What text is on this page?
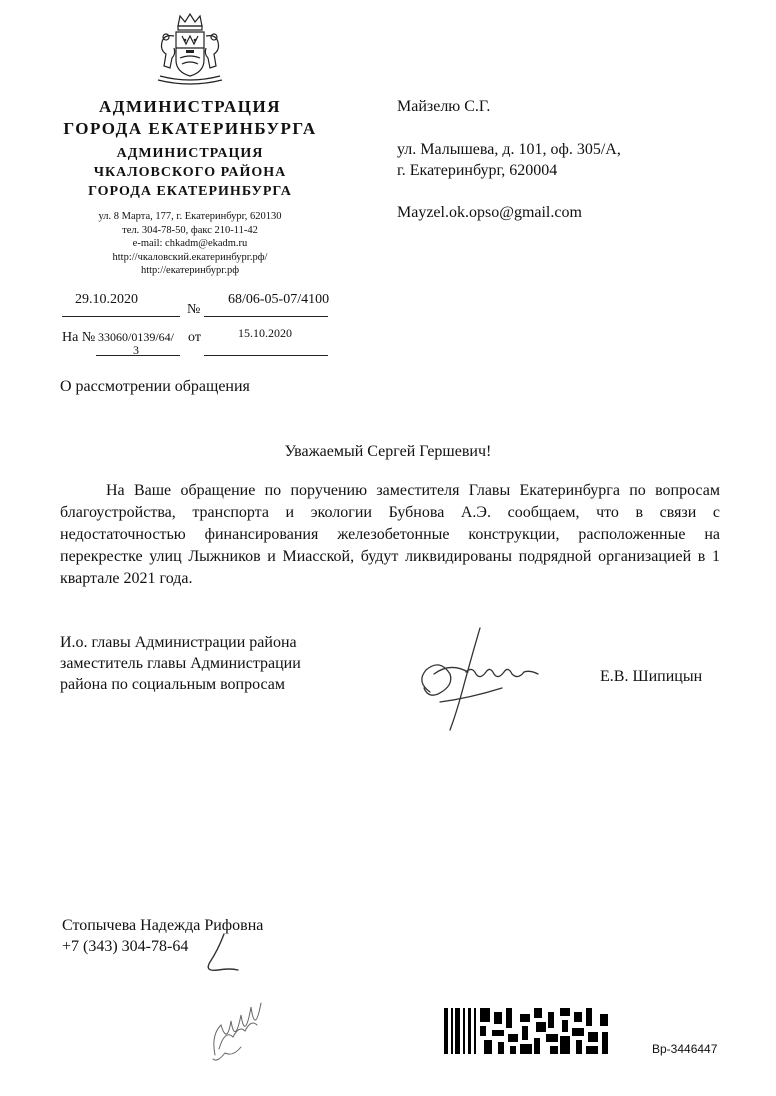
АДМИНИСТРАЦИЯ
ГОРОДА ЕКАТЕРИНБУРГА
АДМИНИСТРАЦИЯ
ЧКАЛОВСКОГО РАЙОНА
ГОРОДА ЕКАТЕРИНБУРГА
ул. 8 Марта, 177, г. Екатеринбург, 620130
тел. 304-78-50, факс 210-11-42
e-mail: chkadm@ekadm.ru
http://чкаловский.екатеринбург.рф/
http://екатеринбург.рф
29.10.2020
№
68/06-05-07/4100
На № 33060/0139/64/
3
от	15.10.2020
Майзелю С.Г.
ул. Малышева, д. 101, оф. 305/А,
г. Екатеринбург, 620004
Mayzel.ok.opso@gmail.com
О рассмотрении обращения
Уважаемый Сергей Гершевич!
На Ваше обращение по поручению заместителя Главы Екатеринбурга по вопросам благоустройства, транспорта и экологии Бубнова А.Э. сообщаем, что в связи с недостаточностью финансирования железобетонные конструкции, расположенные на перекрестке улиц Лыжников и Миасской, будут ликвидированы подрядной организацией в 1 квартале 2021 года.
И.о. главы Администрации района
заместитель главы Администрации
района по социальным вопросам	Е.В. Шипицын
Стопычева Надежда Рифовна
+7 (343) 304-78-64
Вр-3446447
